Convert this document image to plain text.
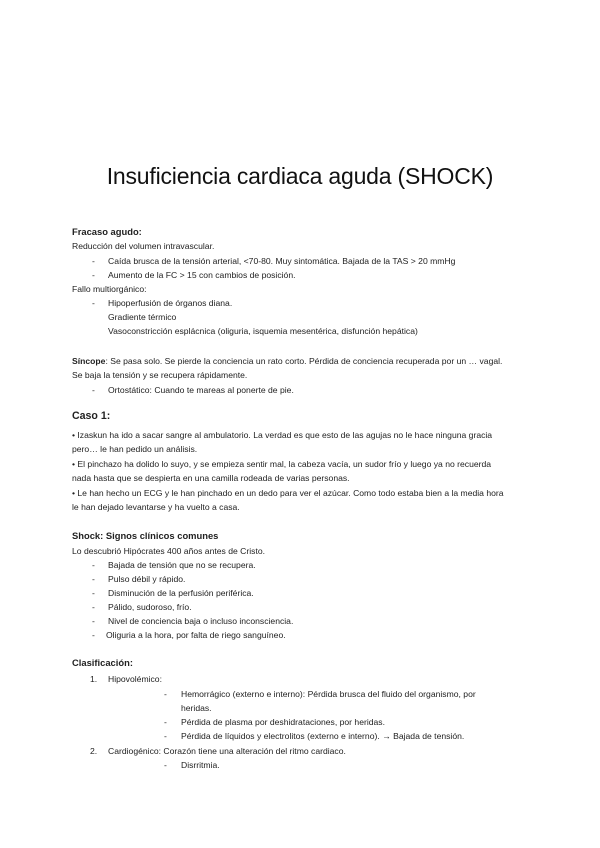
Insuficiencia cardiaca aguda (SHOCK)
Fracaso agudo:
Reducción del volumen intravascular.
- Caída brusca de la tensión arterial, <70-80. Muy sintomática. Bajada de la TAS > 20 mmHg
- Aumento de la FC > 15 con cambios de posición.
Fallo multiorgánico:
- Hipoperfusión de órganos diana.
Gradiente térmico
Vasoconstricción esplácnica (oliguria, isquemia mesentérica, disfunción hepática)
Síncope: Se pasa solo. Se pierde la conciencia un rato corto. Pérdida de conciencia recuperada por un … vagal.
Se baja la tensión y se recupera rápidamente.
- Ortostático: Cuando te mareas al ponerte de pie.
Caso 1:
• Izaskun ha ido a sacar sangre al ambulatorio. La verdad es que esto de las agujas no le hace ninguna gracia
pero… le han pedido un análisis.
• El pinchazo ha dolido lo suyo, y se empieza sentir mal, la cabeza vacía, un sudor frío y luego ya no recuerda
nada hasta que se despierta en una camilla rodeada de varias personas.
• Le han hecho un ECG y le han pinchado en un dedo para ver el azúcar. Como todo estaba bien a la media hora
le han dejado levantarse y ha vuelto a casa.
Shock: Signos clínicos comunes
Lo descubrió Hipócrates 400 años antes de Cristo.
- Bajada de tensión que no se recupera.
- Pulso débil y rápido.
- Disminución de la perfusión periférica.
- Pálido, sudoroso, frío.
- Nivel de conciencia baja o incluso inconsciencia.
- Oliguria a la hora, por falta de riego sanguíneo.
Clasificación:
1. Hipovolémico:
- Hemorrágico (externo e interno): Pérdida brusca del fluido del organismo, por
heridas.
- Pérdida de plasma por deshidrataciones, por heridas.
- Pérdida de líquidos y electrolitos (externo e interno). → Bajada de tensión.
2. Cardiogénico: Corazón tiene una alteración del ritmo cardiaco.
- Disrritmia.
